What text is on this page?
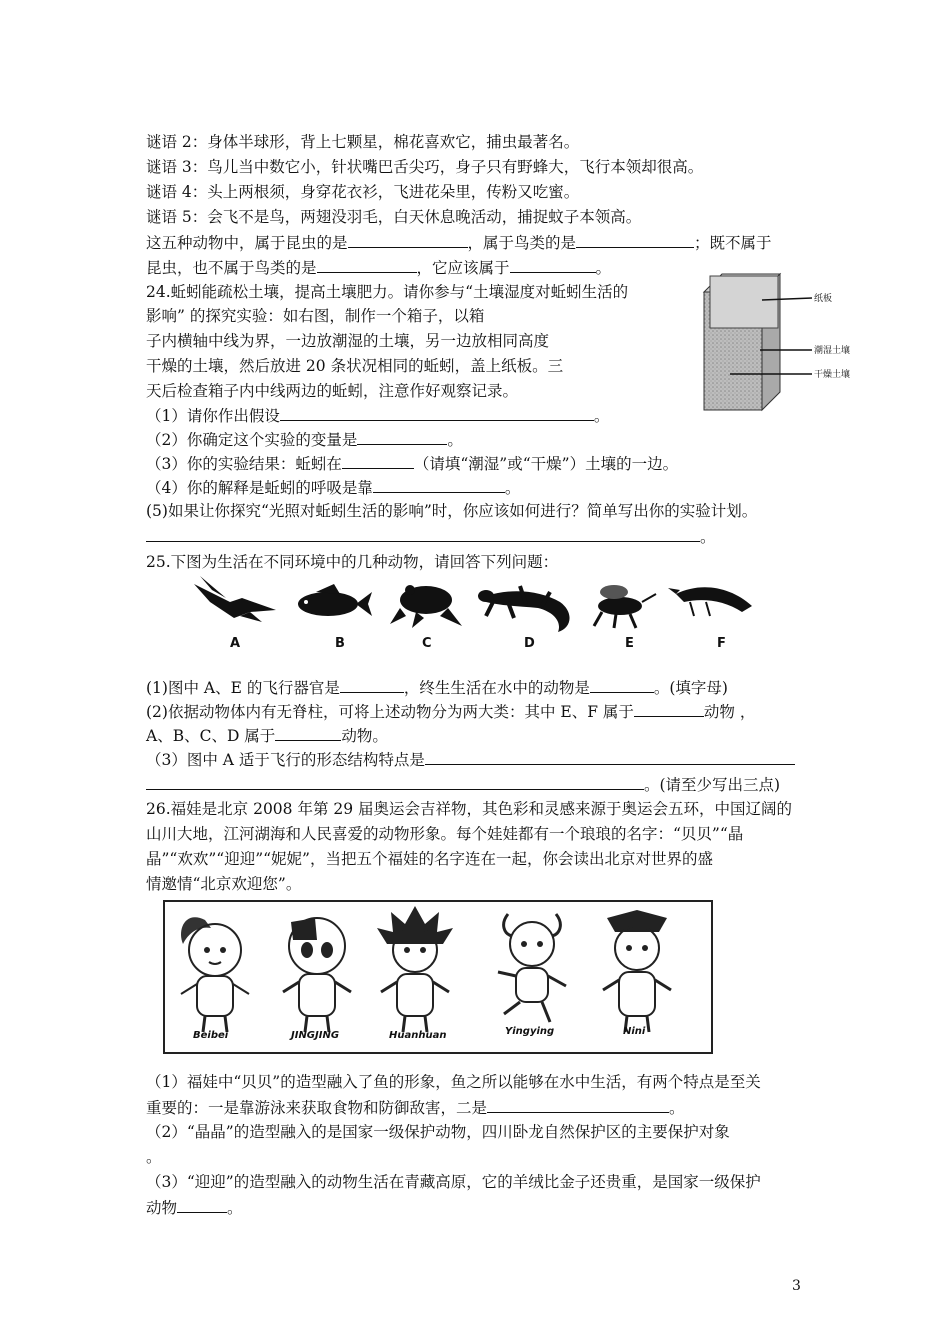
谜语 2：身体半球形，背上七颗星，棉花喜欢它，捕虫最著名。
谜语 3：鸟儿当中数它小，针状嘴巴舌尖巧，身子只有野蜂大，飞行本领却很高。
谜语 4：头上两根须，身穿花衣衫，飞进花朵里，传粉又吃蜜。
谜语 5：会飞不是鸟，两翅没羽毛，白天休息晚活动，捕捉蚊子本领高。
这五种动物中，属于昆虫的是	，属于鸟类的是	；既不属于
昆虫，也不属于鸟类的是	，它应该属于	。
24.蚯蚓能疏松土壤，提高土壤肥力。请你参与“土壤湿度对蚯蚓生活的
影响” 的探究实验：如右图，制作一个箱子，以箱
子内横轴中线为界，一边放潮湿的土壤，另一边放相同高度
干燥的土壤，然后放进 20 条状况相同的蚯蚓，盖上纸板。三
天后检查箱子内中线两边的蚯蚓，注意作好观察记录。
纸板
潮湿土壤
干燥土壤
（1）请你作出假设	。
（2）你确定这个实验的变量是	。
（3）你的实验结果：蚯蚓在	（请填“潮湿”或“干燥”）土壤的一边。
（4）你的解释是蚯蚓的呼吸是靠	。
(5)如果让你探究“光照对蚯蚓生活的影响”时，你应该如何进行？简单写出你的实验计划。
。
25.下图为生活在不同环境中的几种动物，请回答下列问题：
A	B	C	D	E	F
(1)图中 A、E 的飞行器官是	，终生生活在水中的动物是	。(填字母)
(2)依据动物体内有无脊柱，可将上述动物分为两大类：其中 E、F 属于	动物 ，
A、B、C、D 属于	动物。
（3）图中 A 适于飞行的形态结构特点是
。(请至少写出三点)
26.福娃是北京 2008 年第 29 届奥运会吉祥物，其色彩和灵感来源于奥运会五环，中国辽阔的
山川大地，江河湖海和人民喜爱的动物形象。每个娃娃都有一个琅琅的名字：“贝贝”“晶
晶”“欢欢”“迎迎”“妮妮”，当把五个福娃的名字连在一起，你会读出北京对世界的盛
情邀情“北京欢迎您”。
Beibei	JINGJING	Huanhuan	Yingying	Nini
（1）福娃中“贝贝”的造型融入了鱼的形象，鱼之所以能够在水中生活，有两个特点是至关
重要的：一是靠游泳来获取食物和防御敌害，二是	。
（2）“晶晶”的造型融入的是国家一级保护动物，四川卧龙自然保护区的主要保护对象
。
（3）“迎迎”的造型融入的动物生活在青藏高原，它的羊绒比金子还贵重，是国家一级保护
动物	。
3
